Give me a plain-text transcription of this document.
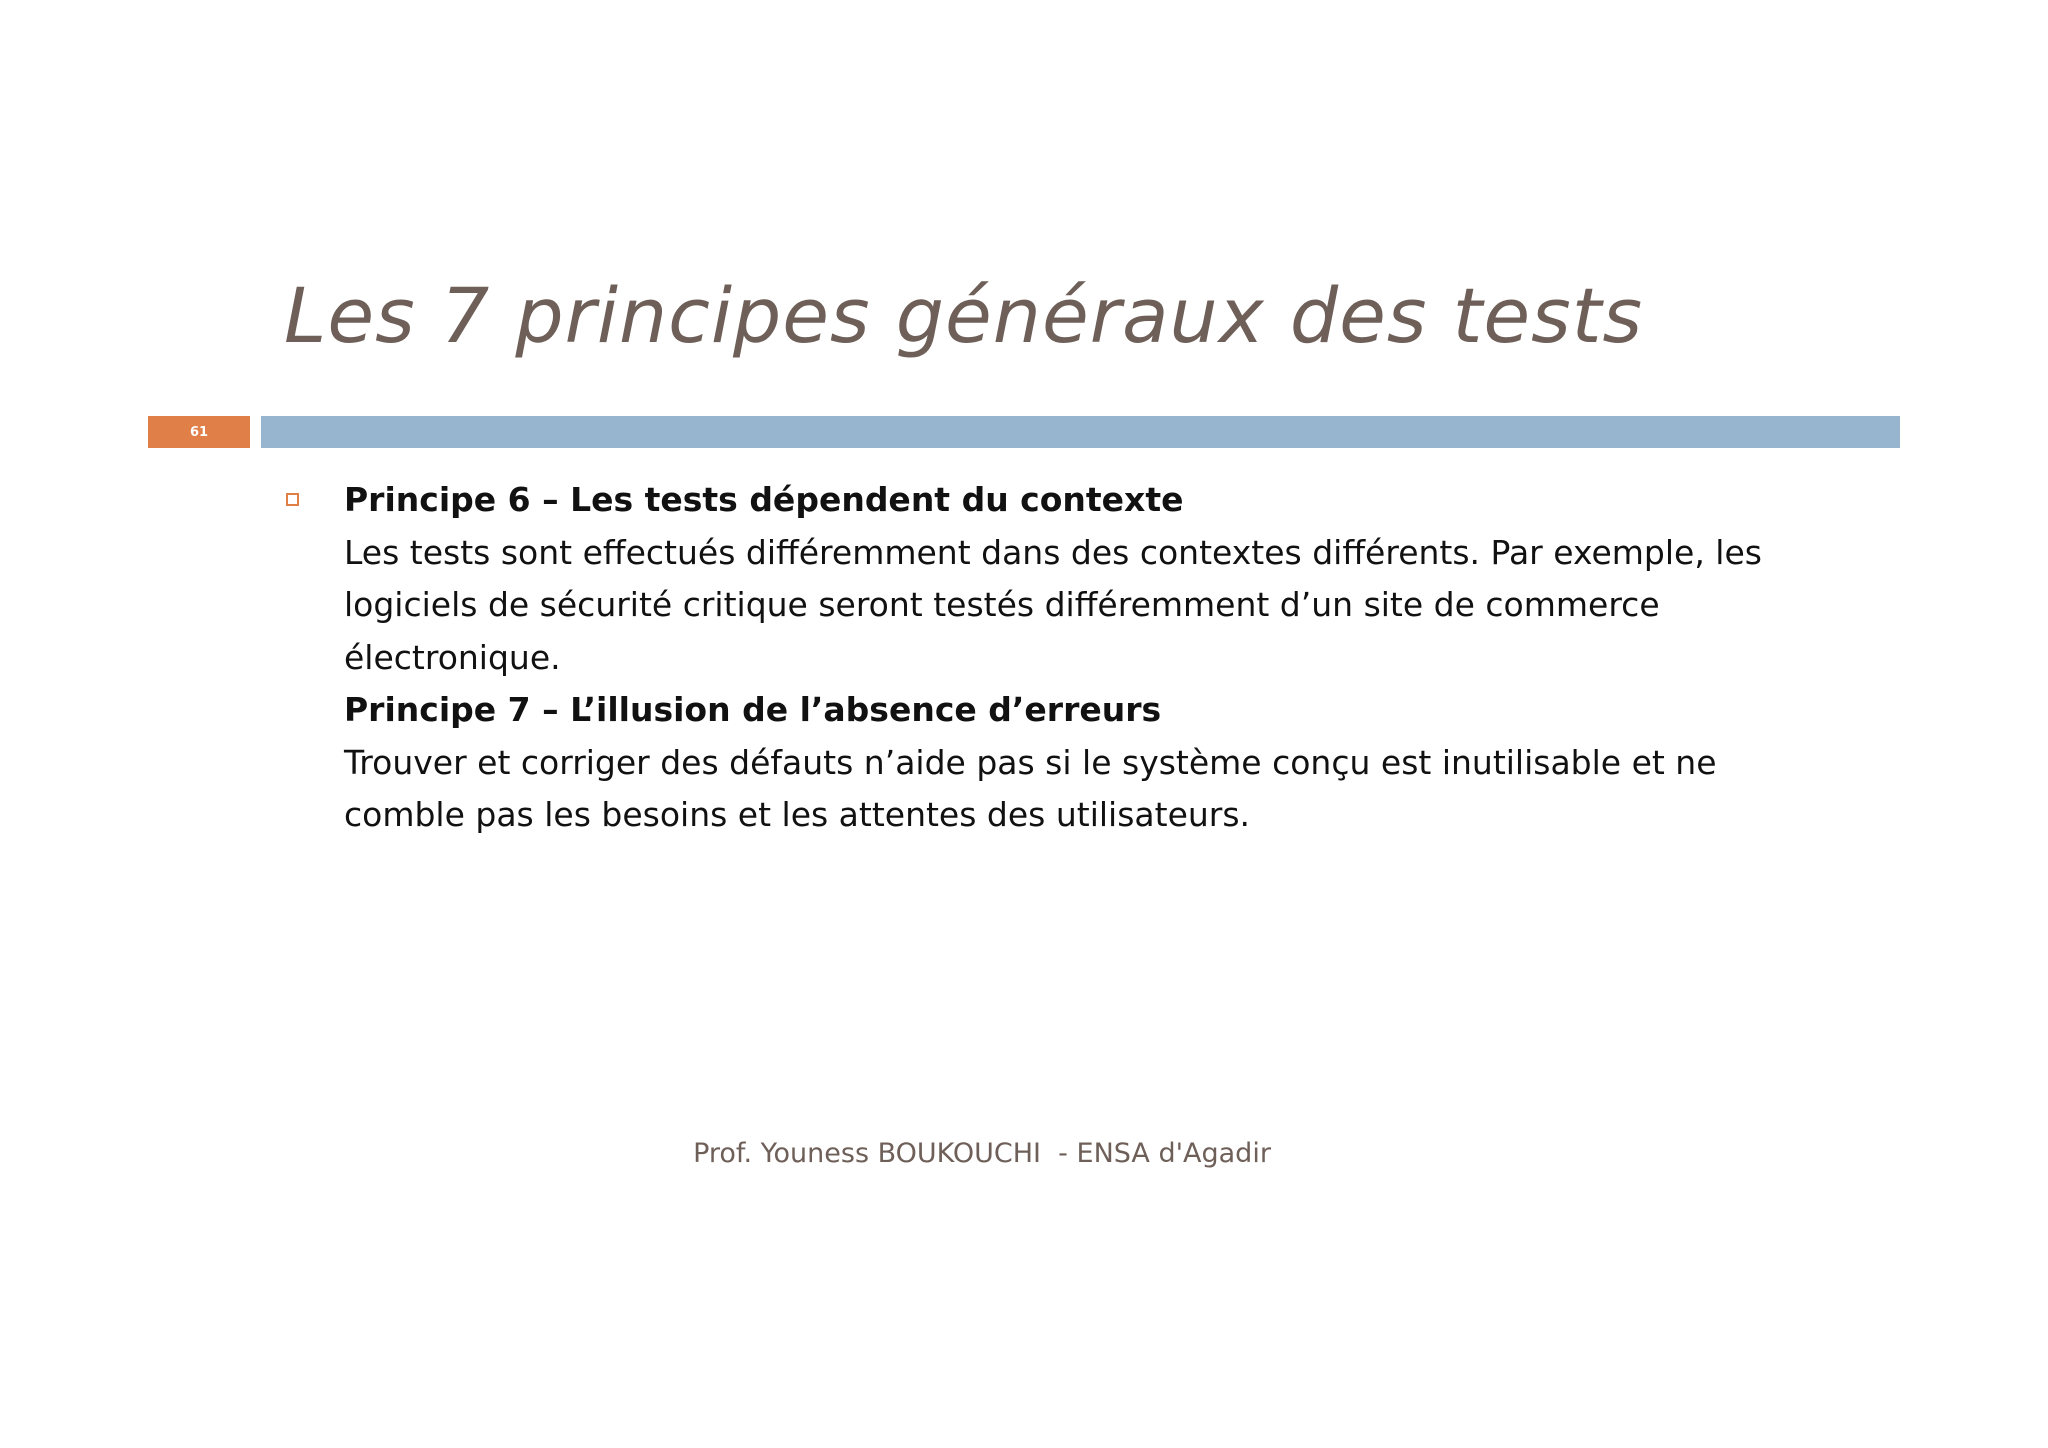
Les 7 principes généraux des tests
61
Principe 6 – Les tests dépendent du contexte
Les tests sont effectués différemment dans des contextes différents. Par exemple, les logiciels de sécurité critique seront testés différemment d’un site de commerce électronique.
Principe 7 – L’illusion de l’absence d’erreurs
Trouver et corriger des défauts n’aide pas si le système conçu est inutilisable et ne comble pas les besoins et les attentes des utilisateurs.
Prof. Youness BOUKOUCHI  - ENSA d'Agadir
